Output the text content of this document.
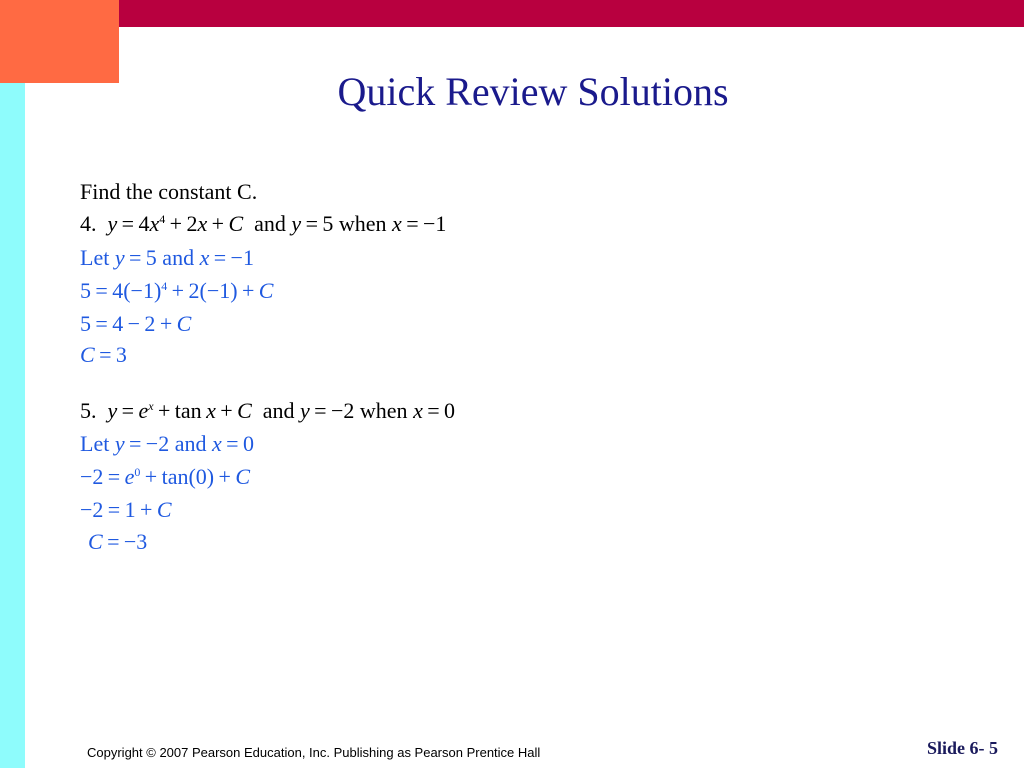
Quick Review Solutions
Find the constant C.
4. $y = 4x^4 + 2x + C$  and y = 5 when x = −1
Let y = 5 and x = −1
$5 = 4(-1)^4 + 2(-1) + C$
5 = 4 − 2 + C
C = 3
5. $y = e^x + \tan x + C$  and y = −2 when x = 0
Let y = −2 and x = 0
$-2 = e^0 + \tan(0) + C$
−2 = 1 + C
C = −3
Copyright © 2007 Pearson Education, Inc. Publishing as Pearson Prentice Hall	Slide 6- 5
